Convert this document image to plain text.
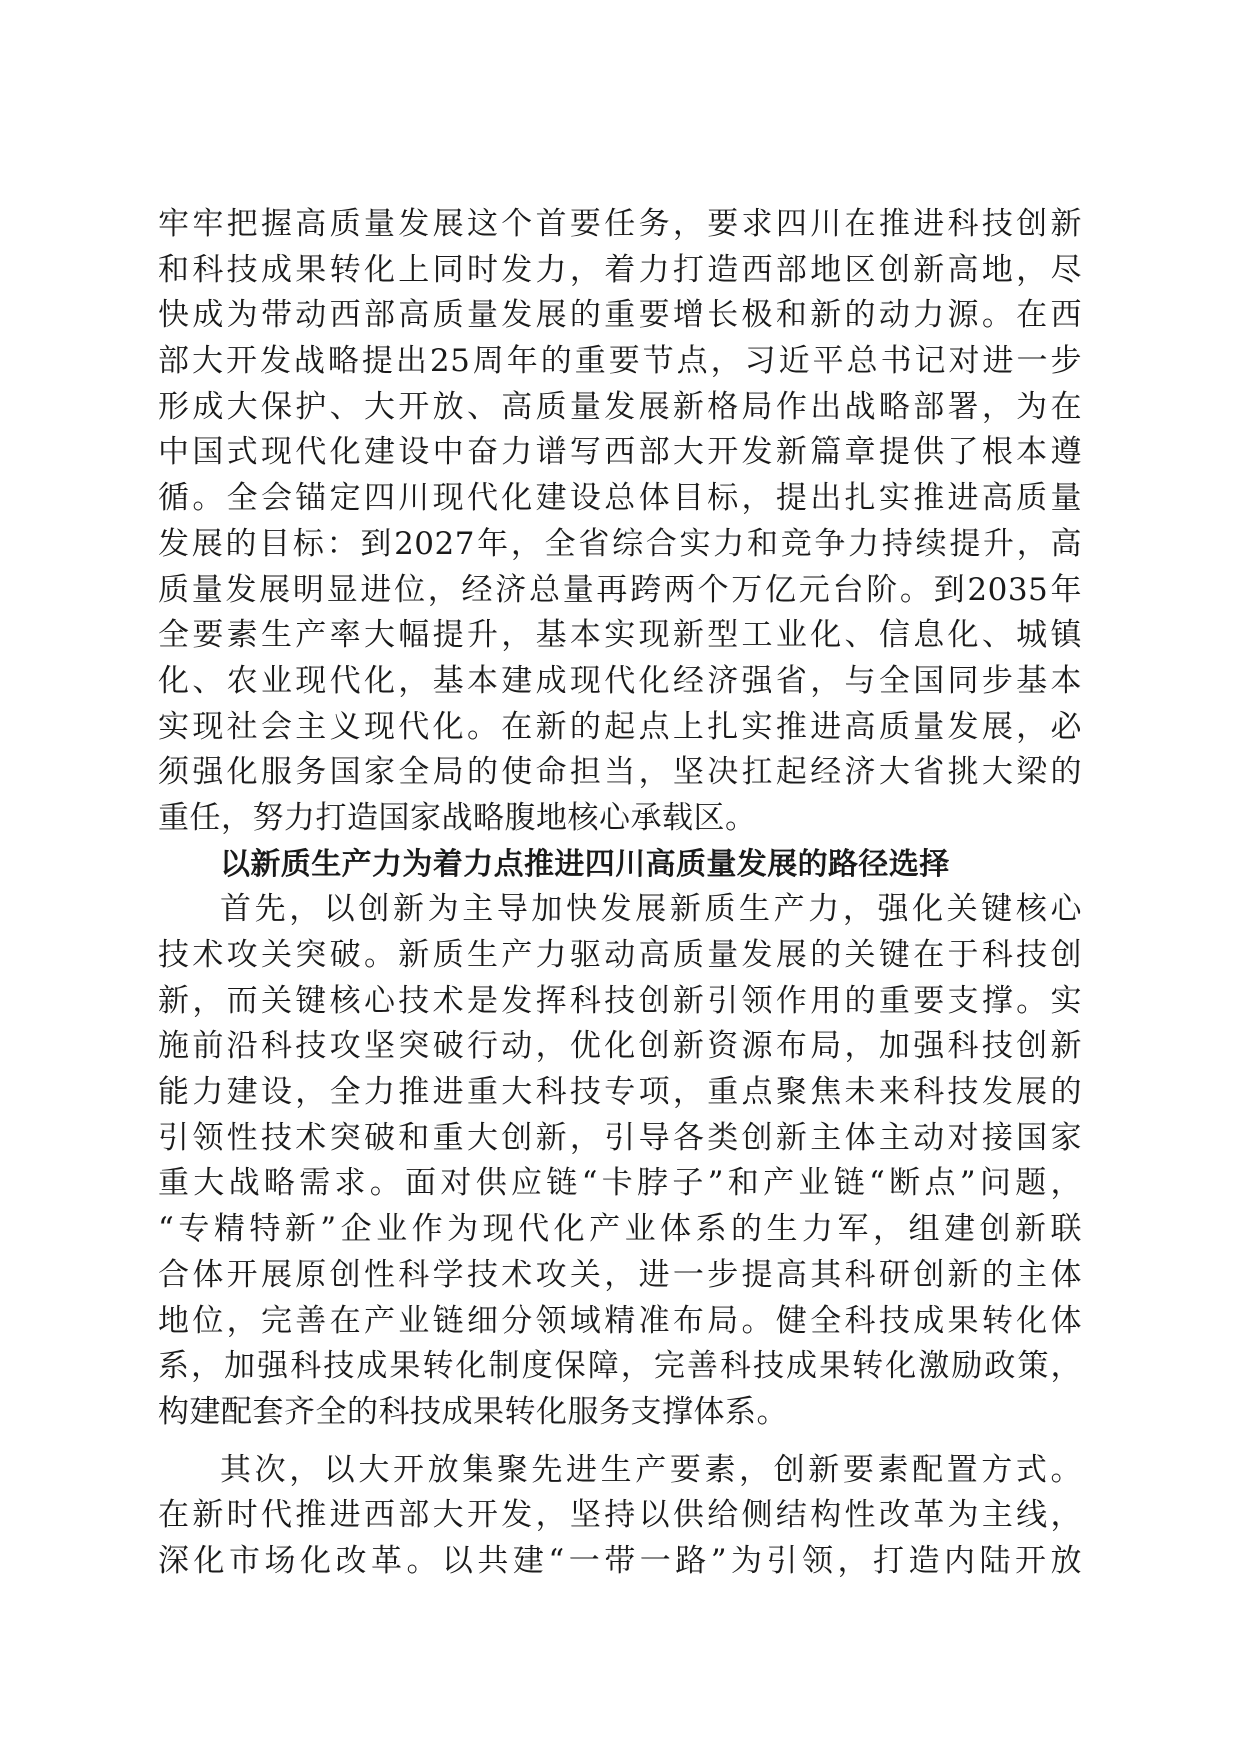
牢牢把握高质量发展这个首要任务，要求四川在推进科技创新
和科技成果转化上同时发力，着力打造西部地区创新高地，尽
快成为带动西部高质量发展的重要增长极和新的动力源。在西
部大开发战略提出25周年的重要节点，习近平总书记对进一步
形成大保护、大开放、高质量发展新格局作出战略部署，为在
中国式现代化建设中奋力谱写西部大开发新篇章提供了根本遵
循。全会锚定四川现代化建设总体目标，提出扎实推进高质量
发展的目标：到2027年，全省综合实力和竞争力持续提升，高
质量发展明显进位，经济总量再跨两个万亿元台阶。到2035年
全要素生产率大幅提升，基本实现新型工业化、信息化、城镇
化、农业现代化，基本建成现代化经济强省，与全国同步基本
实现社会主义现代化。在新的起点上扎实推进高质量发展，必
须强化服务国家全局的使命担当，坚决扛起经济大省挑大梁的
重任，努力打造国家战略腹地核心承载区。
以新质生产力为着力点推进四川高质量发展的路径选择
首先，以创新为主导加快发展新质生产力，强化关键核心
技术攻关突破。新质生产力驱动高质量发展的关键在于科技创
新，而关键核心技术是发挥科技创新引领作用的重要支撑。实
施前沿科技攻坚突破行动，优化创新资源布局，加强科技创新
能力建设，全力推进重大科技专项，重点聚焦未来科技发展的
引领性技术突破和重大创新，引导各类创新主体主动对接国家
重大战略需求。面对供应链“卡脖子”和产业链“断点”问题，
“专精特新”企业作为现代化产业体系的生力军，组建创新联
合体开展原创性科学技术攻关，进一步提高其科研创新的主体
地位，完善在产业链细分领域精准布局。健全科技成果转化体
系，加强科技成果转化制度保障，完善科技成果转化激励政策，
构建配套齐全的科技成果转化服务支撑体系。
其次，以大开放集聚先进生产要素，创新要素配置方式。
在新时代推进西部大开发，坚持以供给侧结构性改革为主线，
深化市场化改革。以共建“一带一路”为引领，打造内陆开放
